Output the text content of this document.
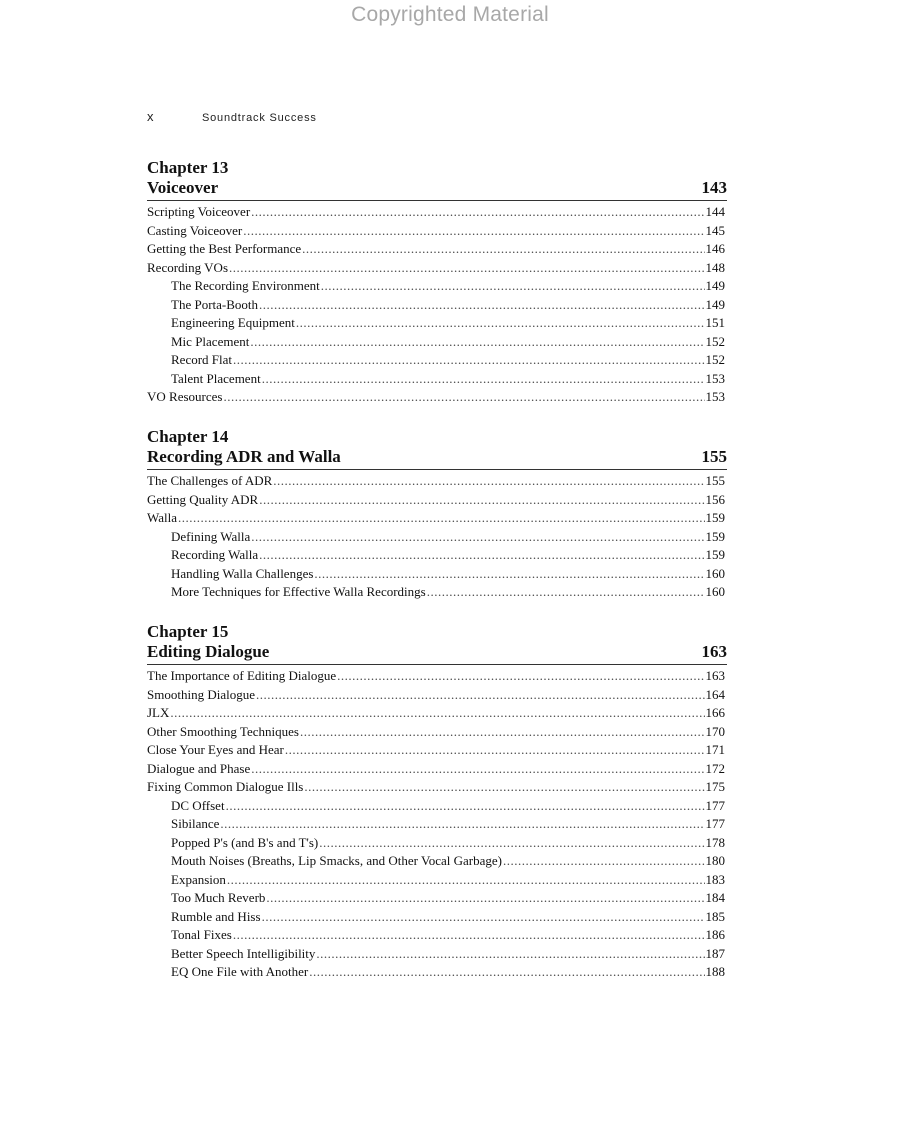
Copyrighted Material
x	Soundtrack Success
Chapter 13
Voiceover	143
Scripting Voiceover .....	144
Casting Voiceover .....	145
Getting the Best Performance .....	146
Recording VOs .....	148
The Recording Environment .....	149
The Porta-Booth .....	149
Engineering Equipment .....	151
Mic Placement .....	152
Record Flat .....	152
Talent Placement .....	153
VO Resources .....	153
Chapter 14
Recording ADR and Walla	155
The Challenges of ADR .....	155
Getting Quality ADR .....	156
Walla .....	159
Defining Walla .....	159
Recording Walla .....	159
Handling Walla Challenges .....	160
More Techniques for Effective Walla Recordings .....	160
Chapter 15
Editing Dialogue	163
The Importance of Editing Dialogue .....	163
Smoothing Dialogue .....	164
JLX .....	166
Other Smoothing Techniques .....	170
Close Your Eyes and Hear .....	171
Dialogue and Phase .....	172
Fixing Common Dialogue Ills .....	175
DC Offset .....	177
Sibilance .....	177
Popped P's (and B's and T's) .....	178
Mouth Noises (Breaths, Lip Smacks, and Other Vocal Garbage) .....	180
Expansion .....	183
Too Much Reverb .....	184
Rumble and Hiss .....	185
Tonal Fixes .....	186
Better Speech Intelligibility .....	187
EQ One File with Another .....	188
